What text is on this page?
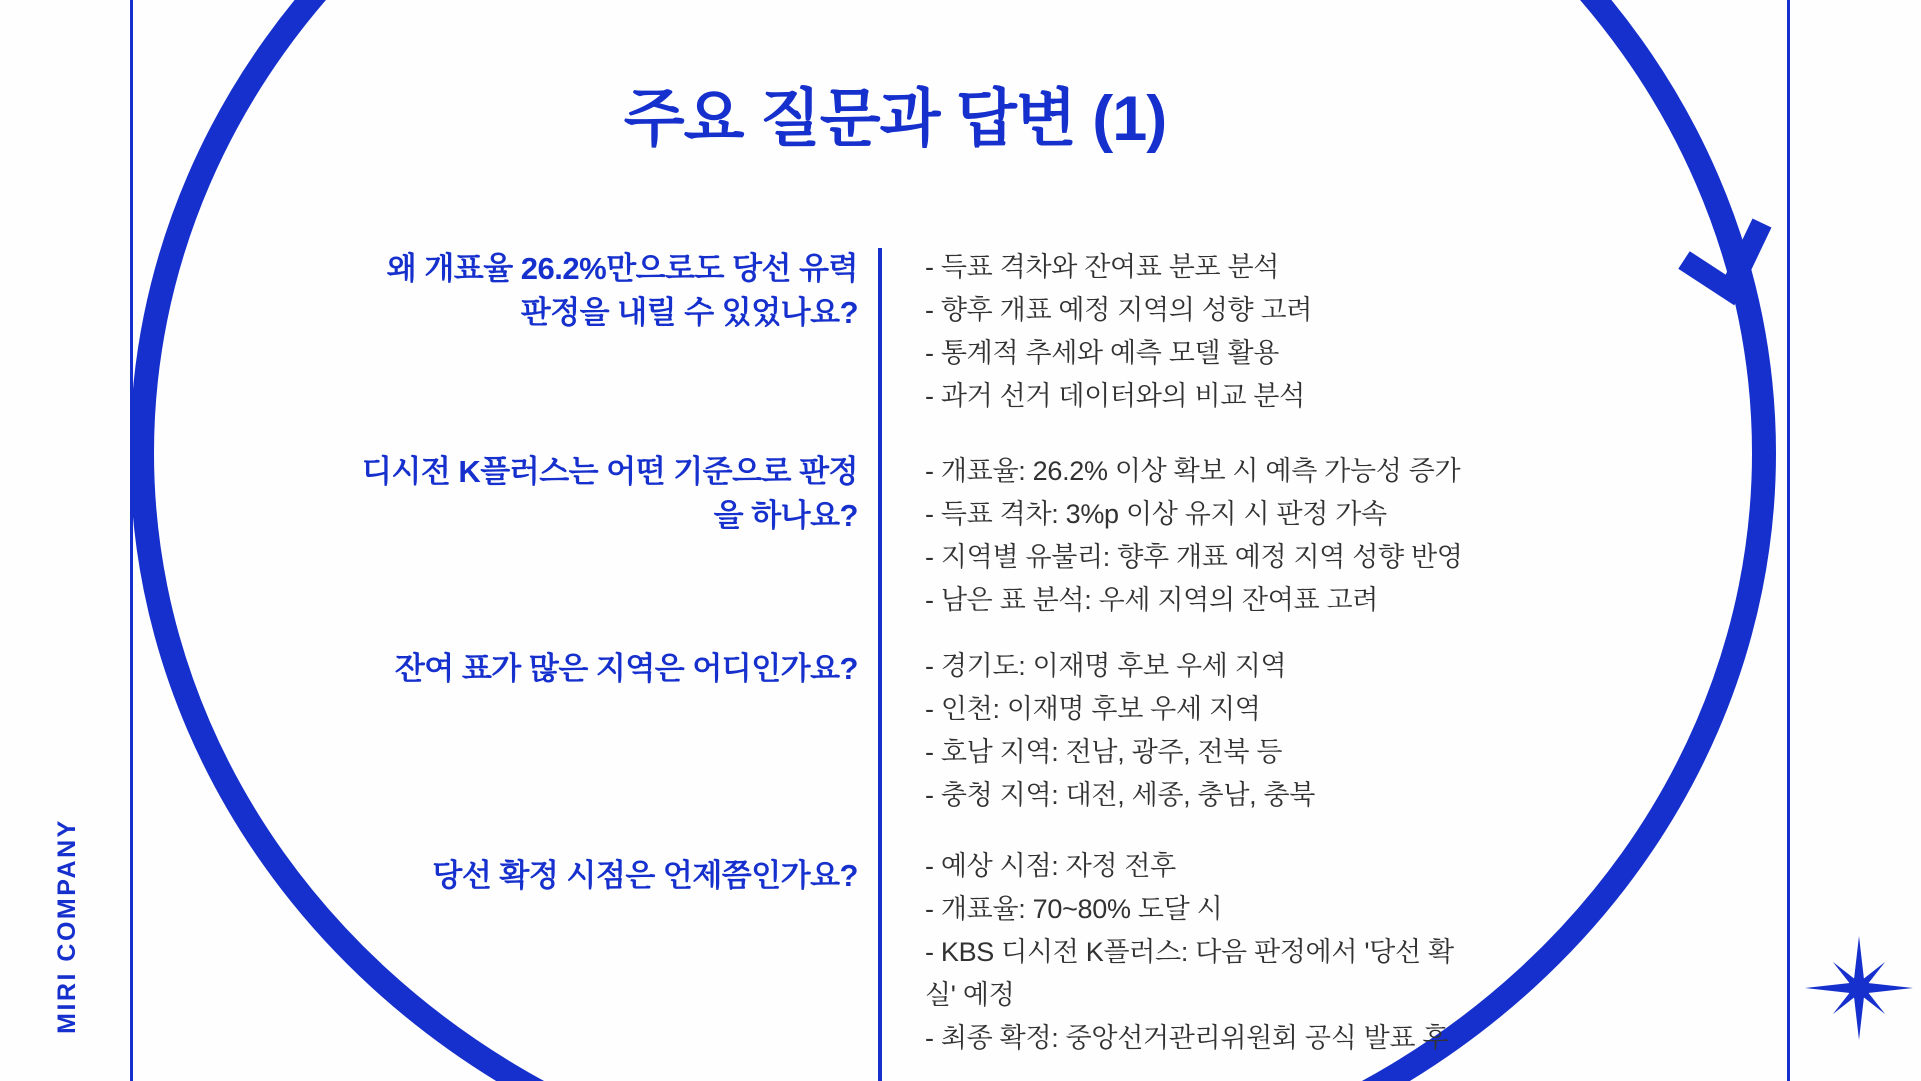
주요 질문과 답변 (1)
MIRI COMPANY
왜 개표율 26.2%만으로도 당선 유력
판정을 내릴 수 있었나요?
- 득표 격차와 잔여표 분포 분석
- 향후 개표 예정 지역의 성향 고려
- 통계적 추세와 예측 모델 활용
- 과거 선거 데이터와의 비교 분석
디시전 K플러스는 어떤 기준으로 판정
을 하나요?
- 개표율: 26.2% 이상 확보 시 예측 가능성 증가
- 득표 격차: 3%p 이상 유지 시 판정 가속
- 지역별 유불리: 향후 개표 예정 지역 성향 반영
- 남은 표 분석: 우세 지역의 잔여표 고려
잔여 표가 많은 지역은 어디인가요? - 경기도: 이재명 후보 우세 지역
- 인천: 이재명 후보 우세 지역
- 호남 지역: 전남, 광주, 전북 등
- 충청 지역: 대전, 세종, 충남, 충북
당선 확정 시점은 언제쯤인가요? - 예상 시점: 자정 전후
- 개표율: 70~80% 도달 시
- KBS 디시전 K플러스: 다음 판정에서 '당선 확실' 예정
- 최종 확정: 중앙선거관리위원회 공식 발표 후
